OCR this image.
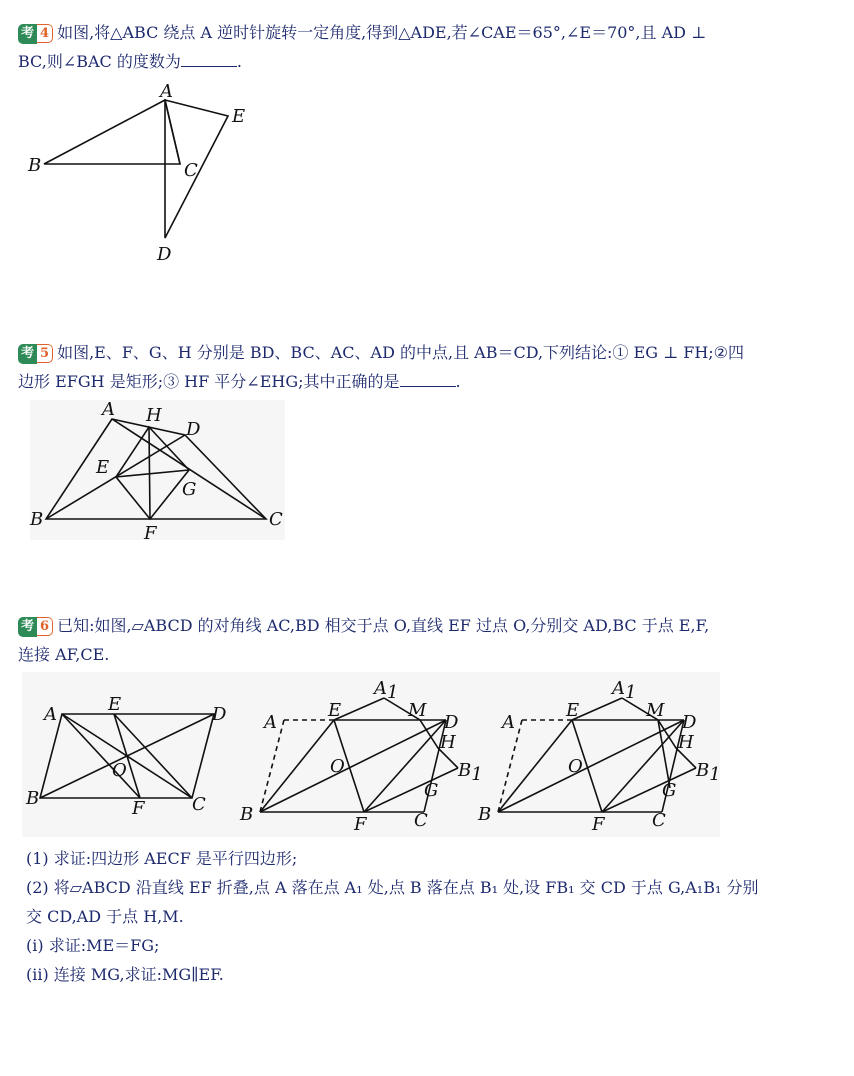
考 4 如图,将△ABC 绕点 A 逆时针旋转一定角度,得到△ADE,若∠CAE＝65°,∠E＝70°,且 AD ⊥
BC,则∠BAC 的度数为	.
A
B	C
D
E
考 5 如图,E、F、G、H 分别是 BD、BC、AC、AD 的中点,且 AB＝CD,下列结论:① EG ⊥ FH;②四
边形 EFGH 是矩形;③ HF 平分∠EHG;其中正确的是	.
A H
D
E
G
B	C
F
考 6 已知:如图,▱ABCD 的对角线 AC,BD 相交于点 O,直线 EF 过点 O,分别交 AD,BC 于点 E,F,
连接 AF,CE.
A	E	D
O
B	F	C
A1
A
E	M
D
H
B1
O
G
B	F	C
A1
A
E	M
D
H
B1
O
G
B	F	C
(1) 求证:四边形 AECF 是平行四边形;
(2) 将▱ABCD 沿直线 EF 折叠,点 A 落在点 A₁ 处,点 B 落在点 B₁ 处,设 FB₁ 交 CD 于点 G,A₁B₁ 分别
交 CD,AD 于点 H,M.
(i) 求证:ME＝FG;
(ii) 连接 MG,求证:MG∥EF.
